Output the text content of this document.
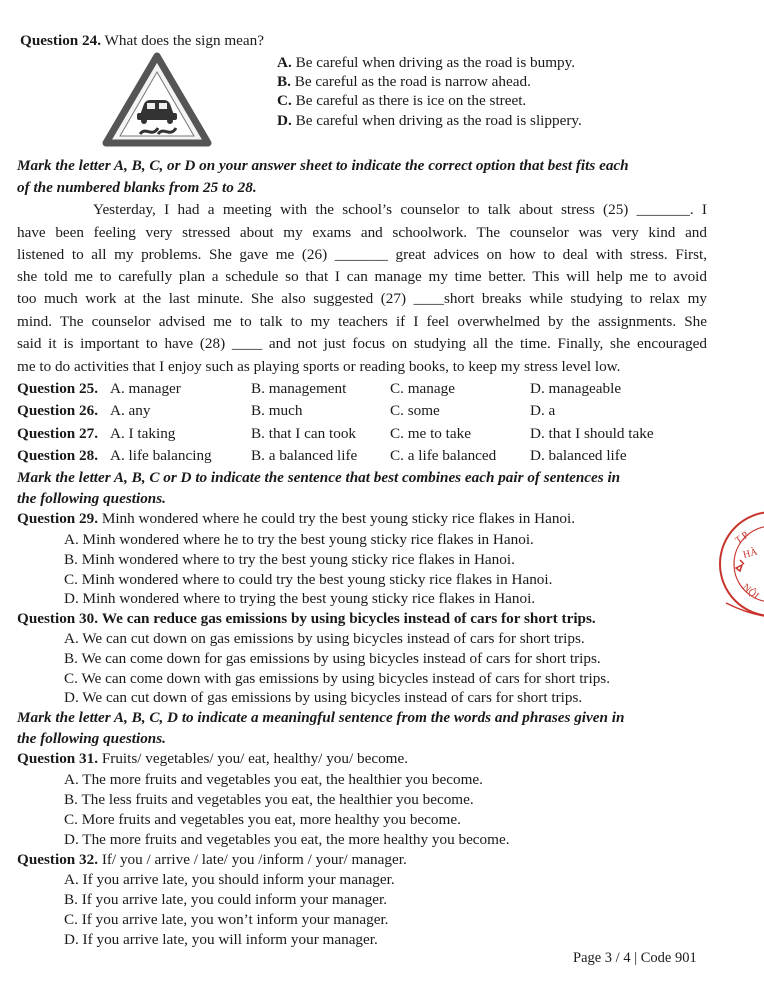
Question 24. What does the sign mean?
A. Be careful when driving as the road is bumpy.
B. Be careful as the road is narrow ahead.
C. Be careful as there is ice on the street.
D. Be careful when driving as the road is slippery.
Mark the letter A, B, C, or D on your answer sheet to indicate the correct option that best fits each
of the numbered blanks from 25 to 28.
Yesterday, I had a meeting with the school’s counselor to talk about stress (25) _______. I
have been feeling very stressed about my exams and schoolwork. The counselor was very kind and
listened to all my problems. She gave me (26) _______ great advices on how to deal with stress. First,
she told me to carefully plan a schedule so that I can manage my time better. This will help me to avoid
too much work at the last minute. She also suggested (27) ____short breaks while studying to relax my
mind. The counselor advised me to talk to my teachers if I feel overwhelmed by the assignments. She
said it is important to have (28) ____ and not just focus on studying all the time. Finally, she encouraged
me to do activities that I enjoy such as playing sports or reading books, to keep my stress level low.
Question 25. A. manager	B. management	C. manage	D. manageable
Question 26. A. any	B. much	C. some	D. a
Question 27. A. I taking	B. that I can took C. me to take	D. that I should take
Question 28. A. life balancing	B. a balanced life C. a life balanced D. balanced life
Mark the letter A, B, C or D to indicate the sentence that best combines each pair of sentences in
the following questions.
Question 29. Minh wondered where he could try the best young sticky rice flakes in Hanoi.
A. Minh wondered where he to try the best young sticky rice flakes in Hanoi.
B. Minh wondered where to try the best young sticky rice flakes in Hanoi.
C. Minh wondered where to could try the best young sticky rice flakes in Hanoi.
D. Minh wondered where to trying the best young sticky rice flakes in Hanoi.
Question 30. We can reduce gas emissions by using bicycles instead of cars for short trips.
A. We can cut down on gas emissions by using bicycles instead of cars for short trips.
B. We can come down for gas emissions by using bicycles instead of cars for short trips.
C. We can come down with gas emissions by using bicycles instead of cars for short trips.
D. We can cut down of gas emissions by using bicycles instead of cars for short trips.
Mark the letter A, B, C, D to indicate a meaningful sentence from the words and phrases given in
the following questions.
Question 31. Fruits/ vegetables/ you/ eat, healthy/ you/ become.
A. The more fruits and vegetables you eat, the healthier you become.
B. The less fruits and vegetables you eat, the healthier you become.
C. More fruits and vegetables you eat, more healthy you become.
D. The more fruits and vegetables you eat, the more healthy you become.
Question 32. If/ you / arrive / late/ you /inform / your/ manager.
A. If you arrive late, you should inform your manager.
B. If you arrive late, you could inform your manager.
C. If you arrive late, you won’t inform your manager.
D. If you arrive late, you will inform your manager.
T.P
HÀ
NỘI
Page 3 / 4 | Code 901
